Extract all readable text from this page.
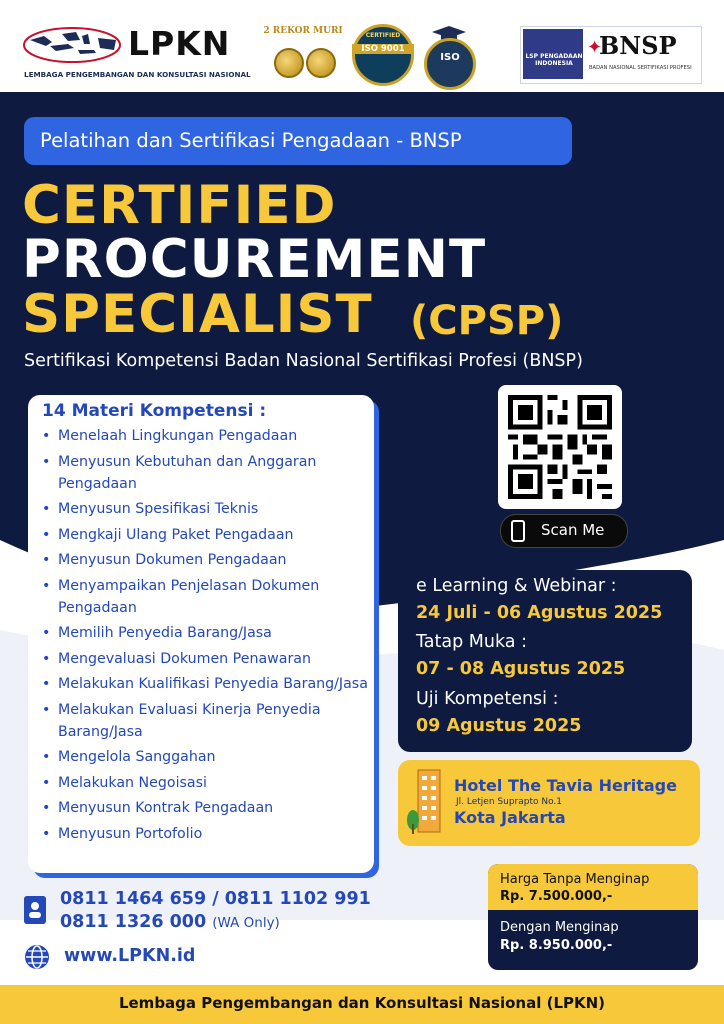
LPKN
LEMBAGA PENGEMBANGAN DAN KONSULTASI NASIONAL
2 REKOR MURI	CERTIFIED
ISO 9001
ISO	LSP PENGADAAN INDONESIA
✦
BNSP
BADAN NASIONAL SERTIFIKASI PROFESI
Pelatihan dan Sertifikasi Pengadaan - BNSP
CERTIFIED
PROCUREMENT
SPECIALIST (CPSP)
Sertifikasi Kompetensi Badan Nasional Sertifikasi Profesi (BNSP)
14 Materi Kompetensi :
• Menelaah Lingkungan Pengadaan
• Menyusun Kebutuhan dan Anggaran Pengadaan
• Menyusun Spesifikasi Teknis
• Mengkaji Ulang Paket Pengadaan
• Menyusun Dokumen Pengadaan
• Menyampaikan Penjelasan Dokumen Pengadaan
• Memilih Penyedia Barang/Jasa
• Mengevaluasi Dokumen Penawaran
• Melakukan Kualifikasi Penyedia Barang/Jasa
• Melakukan Evaluasi Kinerja Penyedia Barang/Jasa
• Mengelola Sanggahan
• Melakukan Negoisasi
• Menyusun Kontrak Pengadaan
• Menyusun Portofolio
Scan Me
e Learning & Webinar :
24 Juli - 06 Agustus 2025
Tatap Muka :
07 - 08 Agustus 2025
Uji Kompetensi :
09 Agustus 2025
Hotel The Tavia Heritage
Jl. Letjen Suprapto No.1
Kota Jakarta
Harga Tanpa Menginap
Rp. 7.500.000,-
Dengan Menginap
Rp. 8.950.000,-
0811 1464 659 / 0811 1102 991
0811 1326 000 (WA Only)
www.LPKN.id
Lembaga Pengembangan dan Konsultasi Nasional (LPKN)
